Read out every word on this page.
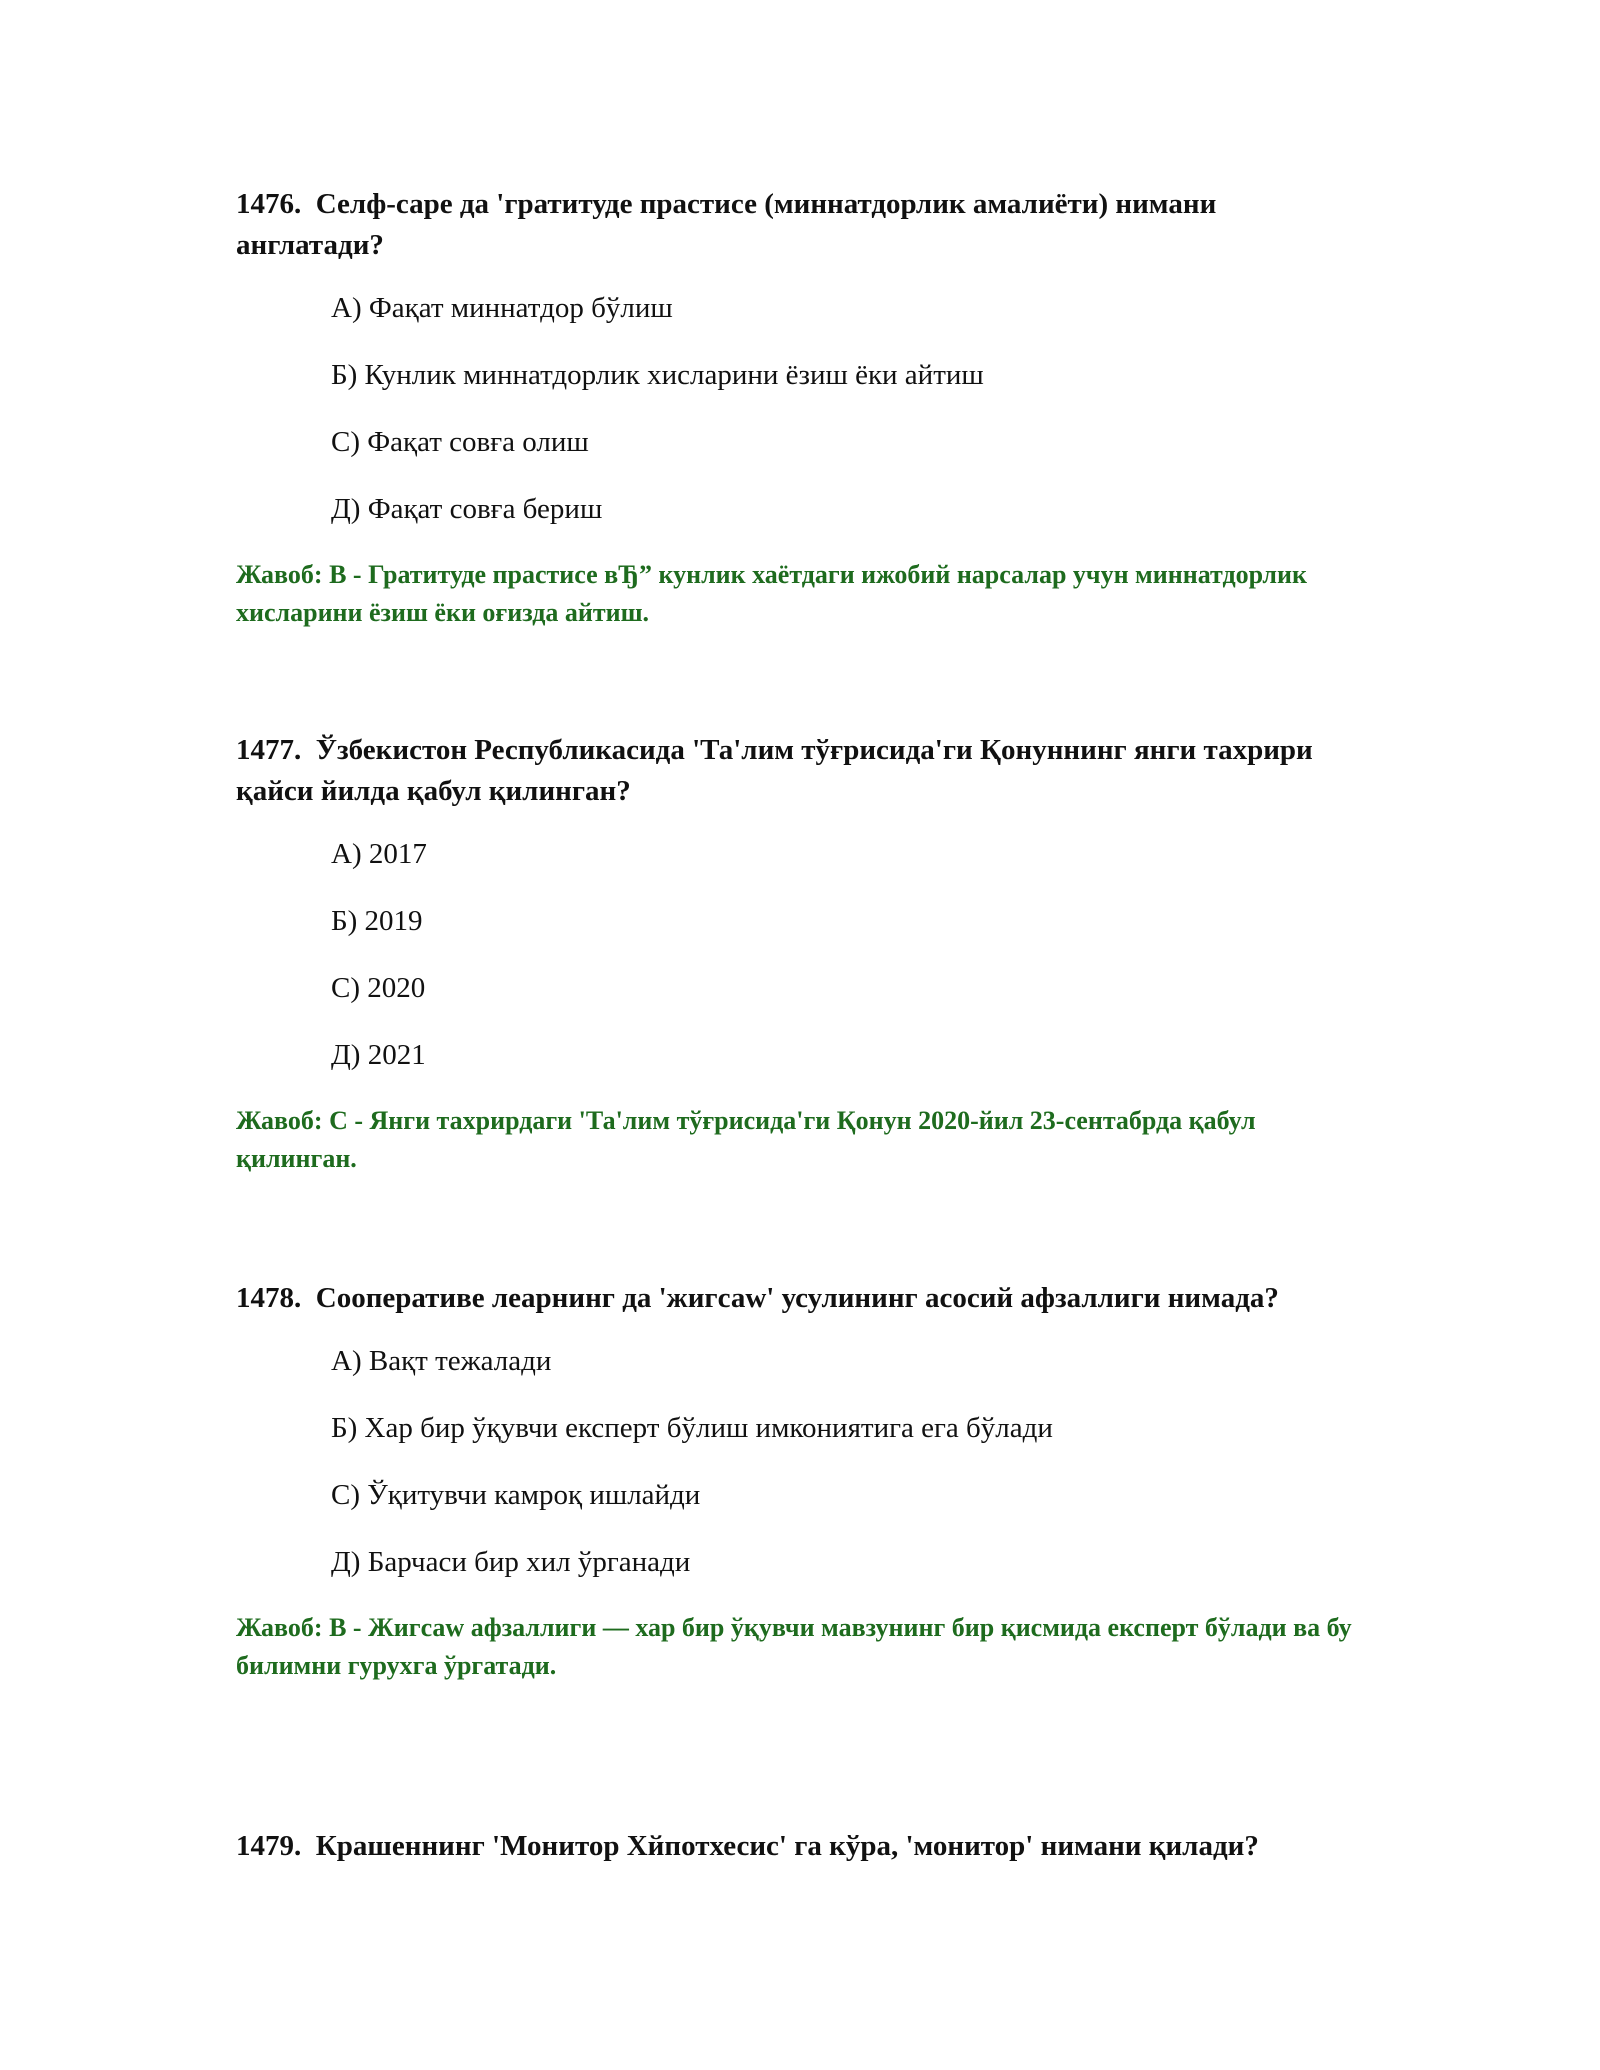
1476. Селф-саре да 'гратитуде прастисе (миннатдорлик амалиёти) нимани англатади?

А) Фақат миннатдор бўлиш
Б) Кунлик миннатдорлик хисларини ёзиш ёки айтиш
С) Фақат совға олиш
Д) Фақат совға бериш

Жавоб: В - Гратитуде прастисе вЂ” кунлик хаётдаги ижобий нарсалар учун миннатдорлик хисларини ёзиш ёки оғизда айтиш.

1477. Ўзбекистон Республикасида 'Та'лим тўғрисида'ги Қонуннинг янги тахрири қайси йилда қабул қилинган?

А) 2017
Б) 2019
С) 2020
Д) 2021

Жавоб: С - Янги тахрирдаги 'Та'лим тўғрисида'ги Қонун 2020-йил 23-сентабрда қабул қилинган.

1478. Соопеpативе леарнинг да 'жигсаw' усулининг асосий афзаллиги нимада?

А) Вақт тежалади
Б) Хар бир ўқувчи експерт бўлиш имкониятига ега бўлади
С) Ўқитувчи камроқ ишлайди
Д) Барчаси бир хил ўрганади

Жавоб: В - Жигсаw афзаллиги — хар бир ўқувчи мавзунинг бир қисмида експерт бўлади ва бу билимни гурухга ўргатади.

1479. Крашеннинг 'Монитор Хйпотхесис' га кўра, 'монитор' нимани қилади?
